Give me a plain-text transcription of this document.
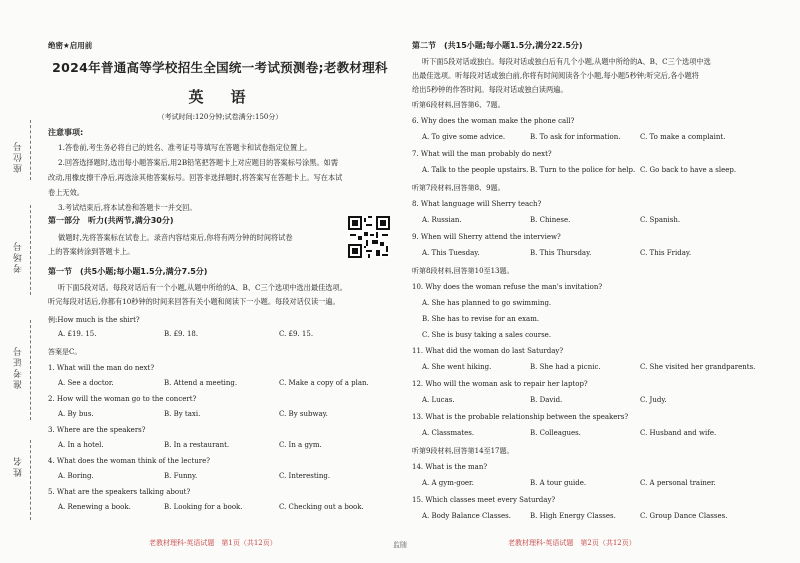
座位号
考场号
准考证号
姓名
绝密★启用前
2024年普通高等学校招生全国统一考试预测卷;老教材理科
英　语
（考试时间:120分钟;试卷满分:150分）
注意事项:
1.答卷前,考生务必将自己的姓名、准考证号等填写在答题卡和试卷指定位置上。
2.回答选择题时,选出每小题答案后,用2B铅笔把答题卡上对应题目的答案标号涂黑。如需
改动,用橡皮擦干净后,再选涂其他答案标号。回答非选择题时,将答案写在答题卡上。写在本试
卷上无效。
3.考试结束后,将本试卷和答题卡一并交回。
第一部分　听力(共两节,满分30分)
做题时,先将答案标在试卷上。录音内容结束后,你将有两分钟的时间将试卷
上的答案转涂到答题卡上。
第一节　(共5小题;每小题1.5分,满分7.5分)
听下面5段对话。每段对话后有一个小题,从题中所给的A、B、C三个选项中选出最佳选项。
听完每段对话后,你都有10秒钟的时间来回答有关小题和阅读下一小题。每段对话仅读一遍。
例:How much is the shirt?
A. £19. 15.	B. £9. 18.	C. £9. 15.
答案是C。
1. What will the man do next?
A. See a doctor.	B. Attend a meeting.	C. Make a copy of a plan.
2. How will the woman go to the concert?
A. By bus.	B. By taxi.	C. By subway.
3. Where are the speakers?
A. In a hotel.	B. In a restaurant.	C. In a gym.
4. What does the woman think of the lecture?
A. Boring.	B. Funny.	C. Interesting.
5. What are the speakers talking about?
A. Renewing a book.	B. Looking for a book.	C. Checking out a book.
老教材理科-英语试题　第1页（共12页）	监随
第二节　(共15小题;每小题1.5分,满分22.5分)
听下面5段对话或独白。每段对话或独白后有几个小题,从题中所给的A、B、C三个选项中选
出最佳选项。听每段对话或独白前,你将有时间阅读各个小题,每小题5秒钟;听完后,各小题将
给出5秒钟的作答时间。每段对话或独白读两遍。
听第6段材料,回答第6、7题。
6. Why does the woman make the phone call?
A. To give some advice.	B. To ask for information.	C. To make a complaint.
7. What will the man probably do next?
A. Talk to the people upstairs. B. Turn to the police for help. C. Go back to have a sleep.
听第7段材料,回答第8、9题。
8. What language will Sherry teach?
A. Russian.	B. Chinese.	C. Spanish.
9. When will Sherry attend the interview?
A. This Tuesday.	B. This Thursday.	C. This Friday.
听第8段材料,回答第10至13题。
10. Why does the woman refuse the man's invitation?
A. She has planned to go swimming.
B. She has to revise for an exam.
C. She is busy taking a sales course.
11. What did the woman do last Saturday?
A. She went hiking.	B. She had a picnic.	C. She visited her grandparents.
12. Who will the woman ask to repair her laptop?
A. Lucas.	B. David.	C. Judy.
13. What is the probable relationship between the speakers?
A. Classmates.	B. Colleagues.	C. Husband and wife.
听第9段材料,回答第14至17题。
14. What is the man?
A. A gym-goer.	B. A tour guide.	C. A personal trainer.
15. Which classes meet every Saturday?
A. Body Balance Classes.	B. High Energy Classes.	C. Group Dance Classes.
老教材理科-英语试题　第2页（共12页）
